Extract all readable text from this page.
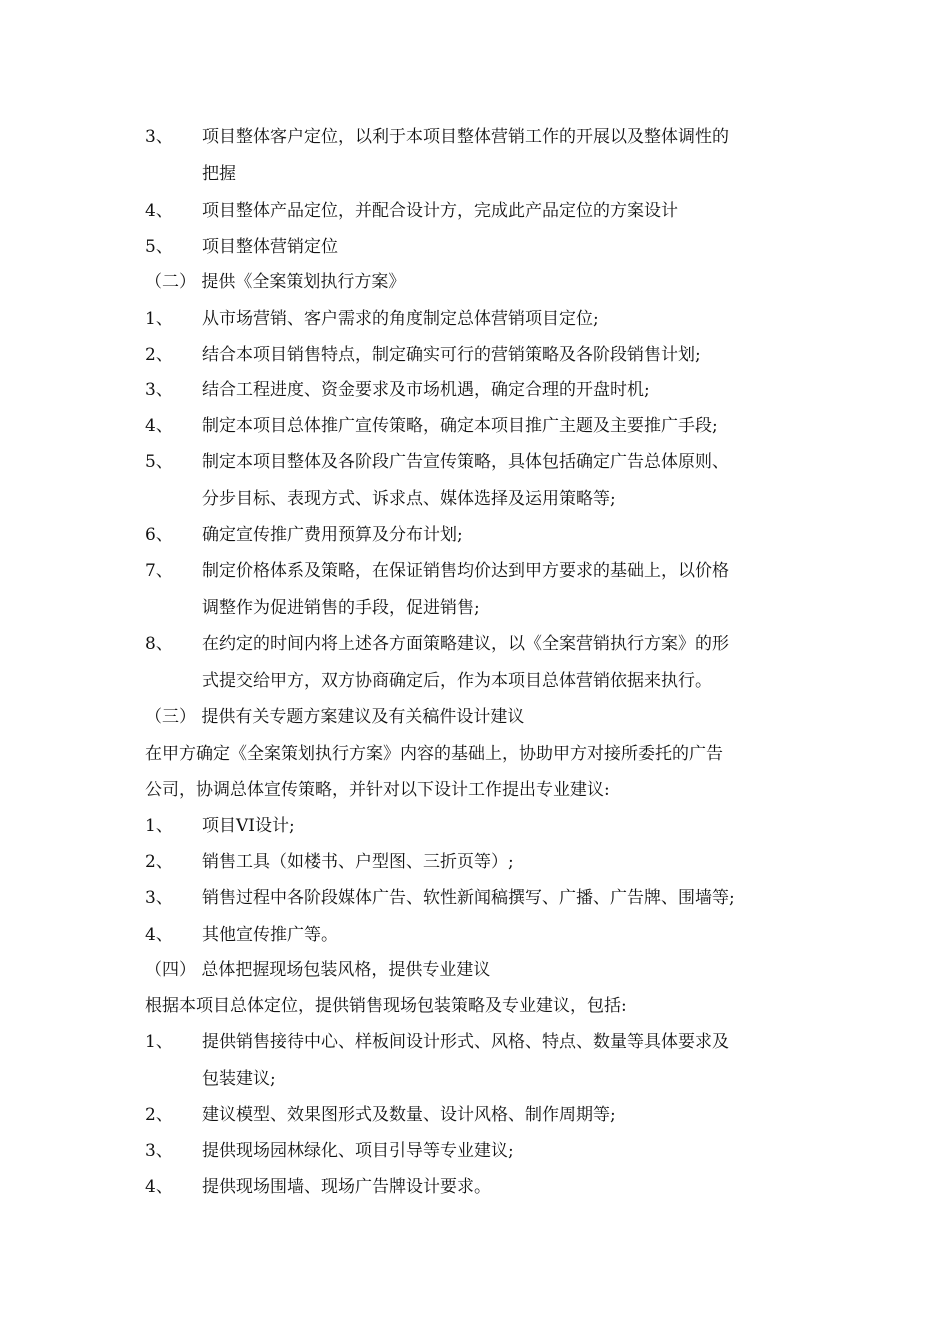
3、 项目整体客户定位，以利于本项目整体营销工作的开展以及整体调性的
把握
4、 项目整体产品定位，并配合设计方，完成此产品定位的方案设计
5、 项目整体营销定位
（二） 提供《全案策划执行方案》
1、 从市场营销、客户需求的角度制定总体营销项目定位;
2、 结合本项目销售特点，制定确实可行的营销策略及各阶段销售计划;
3、 结合工程进度、资金要求及市场机遇，确定合理的开盘时机;
4、 制定本项目总体推广宣传策略，确定本项目推广主题及主要推广手段;
5、 制定本项目整体及各阶段广告宣传策略，具体包括确定广告总体原则、
分步目标、表现方式、诉求点、媒体选择及运用策略等;
6、 确定宣传推广费用预算及分布计划;
7、 制定价格体系及策略，在保证销售均价达到甲方要求的基础上，以价格
调整作为促进销售的手段，促进销售;
8、 在约定的时间内将上述各方面策略建议，以《全案营销执行方案》的形
式提交给甲方，双方协商确定后，作为本项目总体营销依据来执行。
（三） 提供有关专题方案建议及有关稿件设计建议
在甲方确定《全案策划执行方案》内容的基础上，协助甲方对接所委托的广告
公司，协调总体宣传策略，并针对以下设计工作提出专业建议:
1、 项目VI设计;
2、 销售工具（如楼书、户型图、三折页等）;
3、 销售过程中各阶段媒体广告、软性新闻稿撰写、广播、广告牌、围墙等;
4、 其他宣传推广等。
（四） 总体把握现场包装风格，提供专业建议
根据本项目总体定位，提供销售现场包装策略及专业建议，包括:
1、 提供销售接待中心、样板间设计形式、风格、特点、数量等具体要求及
包装建议;
2、 建议模型、效果图形式及数量、设计风格、制作周期等;
3、 提供现场园林绿化、项目引导等专业建议;
4、 提供现场围墙、现场广告牌设计要求。
